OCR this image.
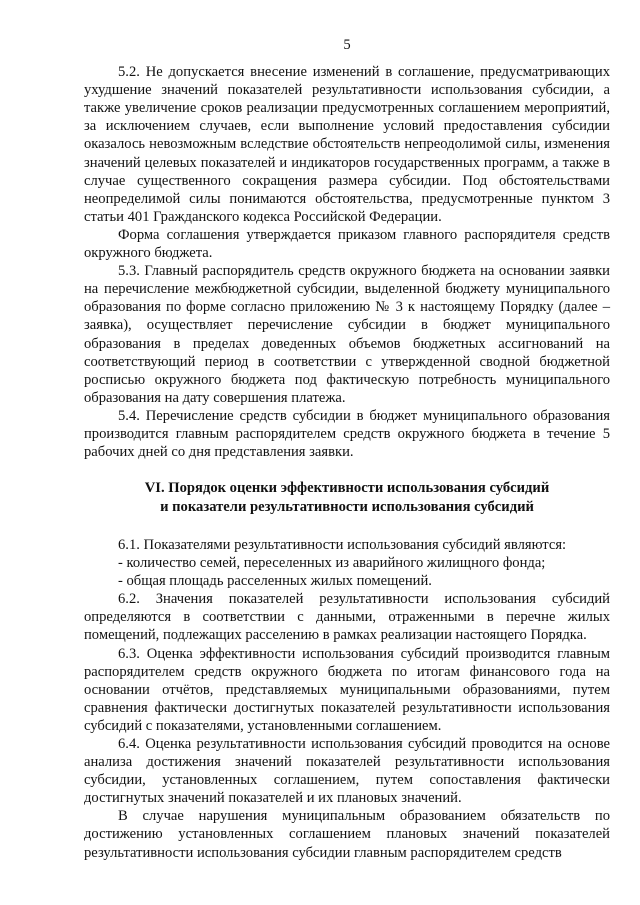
5

5.2. Не допускается внесение изменений в соглашение, предусматривающих ухудшение значений показателей результативности использования субсидии, а также увеличение сроков реализации предусмотренных соглашением мероприятий, за исключением случаев, если выполнение условий предоставления субсидии оказалось невозможным вследствие обстоятельств непреодолимой силы, изменения значений целевых показателей и индикаторов государственных программ, а также в случае существенного сокращения размера субсидии. Под обстоятельствами неопределимой силы понимаются обстоятельства, предусмотренные пунктом 3 статьи 401 Гражданского кодекса Российской Федерации.

Форма соглашения утверждается приказом главного распорядителя средств окружного бюджета.

5.3. Главный распорядитель средств окружного бюджета на основании заявки на перечисление межбюджетной субсидии, выделенной бюджету муниципального образования по форме согласно приложению № 3 к настоящему Порядку (далее – заявка), осуществляет перечисление субсидии в бюджет муниципального образования в пределах доведенных объемов бюджетных ассигнований на соответствующий период в соответствии с утвержденной сводной бюджетной росписью окружного бюджета под фактическую потребность муниципального образования на дату совершения платежа.

5.4. Перечисление средств субсидии в бюджет муниципального образования производится главным распорядителем средств окружного бюджета в течение 5 рабочих дней со дня представления заявки.

VI. Порядок оценки эффективности использования субсидий
и показатели результативности использования субсидий

6.1. Показателями результативности использования субсидий являются:

- количество семей, переселенных из аварийного жилищного фонда;

- общая площадь расселенных жилых помещений.

6.2. Значения показателей результативности использования субсидий определяются в соответствии с данными, отраженными в перечне жилых помещений, подлежащих расселению в рамках реализации настоящего Порядка.

6.3. Оценка эффективности использования субсидий производится главным распорядителем средств окружного бюджета по итогам финансового года на основании отчётов, представляемых муниципальными образованиями, путем сравнения фактически достигнутых показателей результативности использования субсидий с показателями, установленными соглашением.

6.4. Оценка результативности использования субсидий проводится на основе анализа достижения значений показателей результативности использования субсидии, установленных соглашением, путем сопоставления фактически достигнутых значений показателей и их плановых значений.

В случае нарушения муниципальным образованием обязательств по достижению установленных соглашением плановых значений показателей результативности использования субсидии главным распорядителем средств
